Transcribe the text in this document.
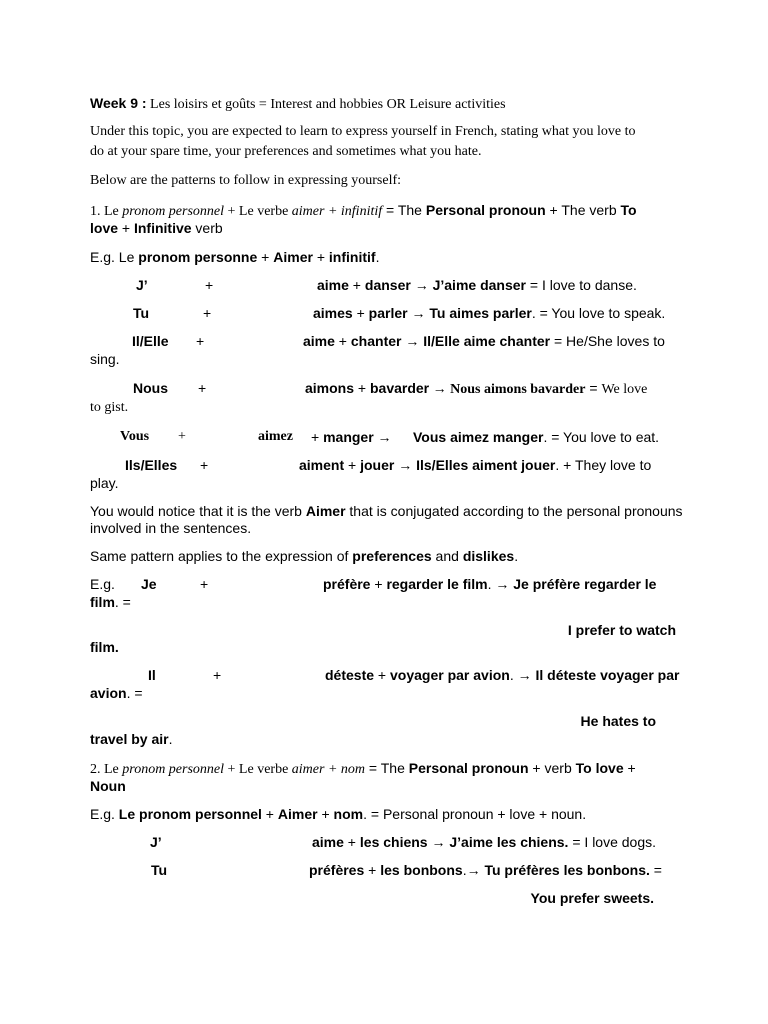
Week 9 : Les loisirs et goûts = Interest and hobbies OR Leisure activities
Under this topic, you are expected to learn to express yourself in French, stating what you love to
do at your spare time, your preferences and sometimes what you hate.
Below are the patterns to follow in expressing yourself:
1. Le pronom personnel + Le verbe aimer + infinitif = The Personal pronoun + The verb To
love + Infinitive verb
E.g. Le pronom personne + Aimer + infinitif.
J’	+	aime + danser → J’aime danser = I love to danse.
Tu	+	aimes + parler → Tu aimes parler. = You love to speak.
Il/Elle +	aime + chanter → Il/Elle aime chanter = He/She loves to
sing.
Nous +	aimons + bavarder → Nous aimons bavarder = We love
to gist.
Vous +	aimez + manger → Vous aimez manger. = You love to eat.
Ils/Elles +	aiment + jouer → Ils/Elles aiment jouer. + They love to
play.
You would notice that it is the verb Aimer that is conjugated according to the personal pronouns
involved in the sentences.
Same pattern applies to the expression of preferences and dislikes.
E.g. Je	+	préfère + regarder le film. → Je préfère regarder le
film. =
I prefer to watch
film.
Il	+	déteste + voyager par avion. → Il déteste voyager par
avion. =
He hates to
travel by air.
2. Le pronom personnel + Le verbe aimer + nom = The Personal pronoun + verb To love +
Noun
E.g. Le pronom personnel + Aimer + nom. = Personal pronoun + love + noun.
J’	aime + les chiens → J’aime les chiens. = I love dogs.
Tu	préfères + les bonbons.→ Tu préfères les bonbons. =
You prefer sweets.
